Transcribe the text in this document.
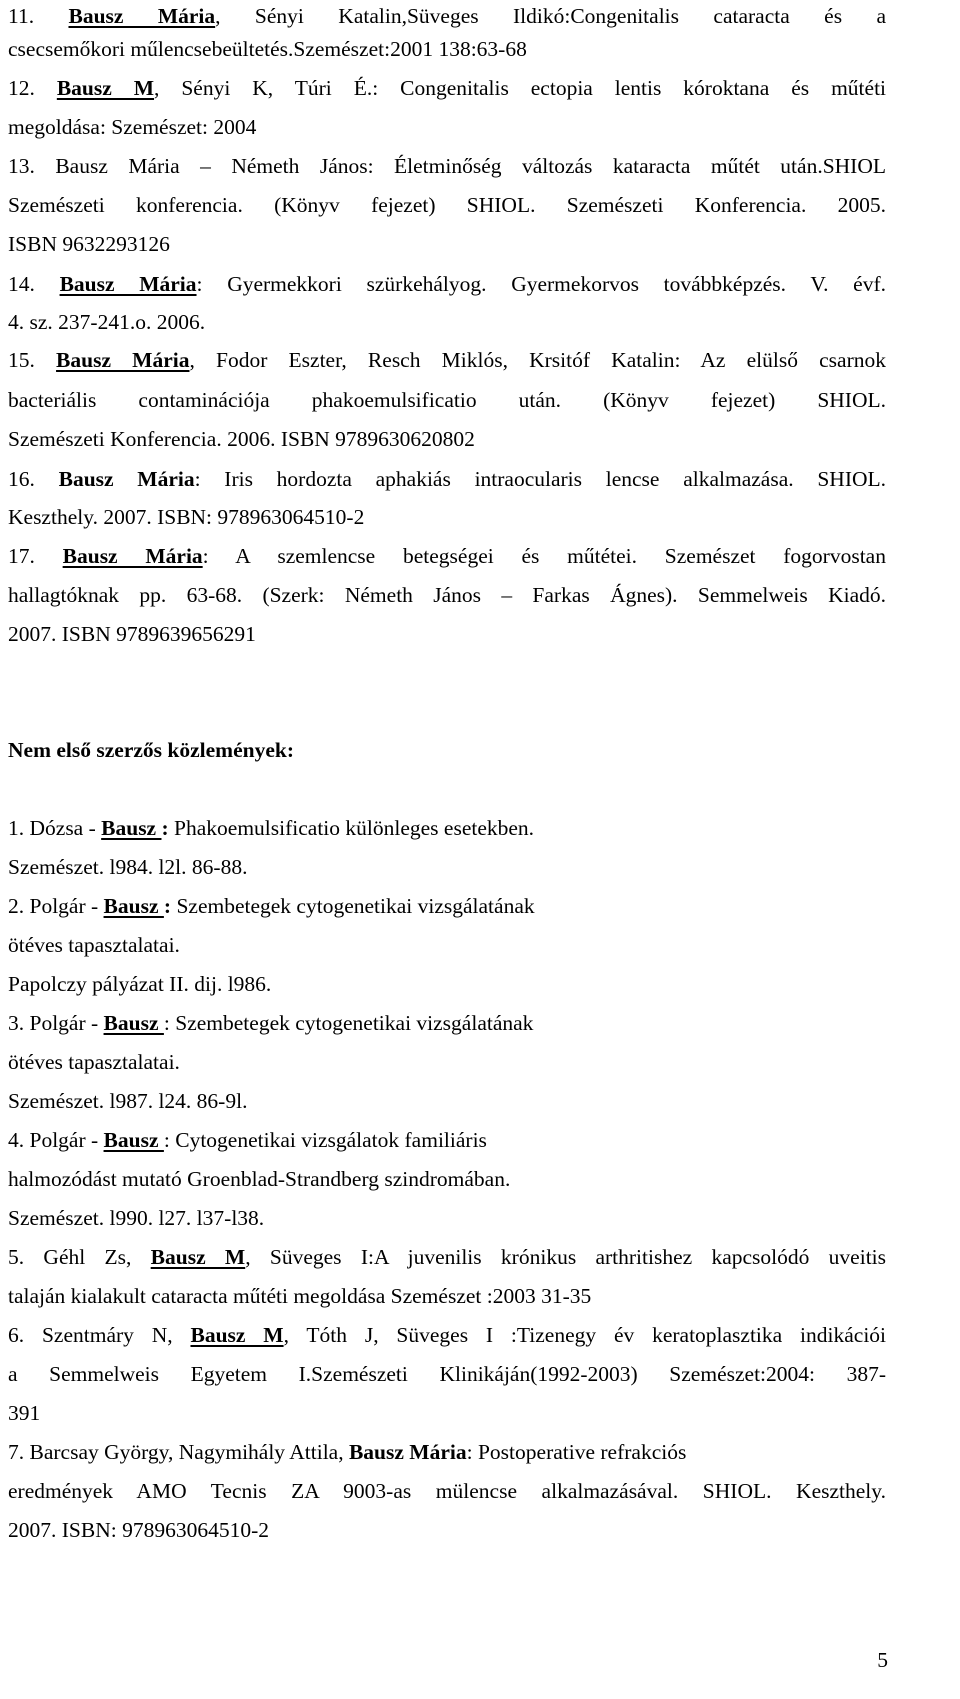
5
11. Bausz Mária, Sényi Katalin,Süveges Ildikó:Congenitalis cataracta és a
csecsemőkori műlencsebeültetés.Szemészet:2001 138:63-68
12. Bausz M, Sényi K, Túri É.: Congenitalis ectopia lentis kóroktana és műtéti
megoldása: Szemészet: 2004
13. Bausz Mária – Németh János: Életminőség változás kataracta műtét után.SHIOL
Szemészeti konferencia. (Könyv fejezet) SHIOL. Szemészeti Konferencia. 2005.
ISBN 9632293126
14. Bausz Mária: Gyermekkori szürkehályog. Gyermekorvos továbbképzés. V. évf.
4. sz. 237-241.o. 2006.
15. Bausz Mária, Fodor Eszter, Resch Miklós, Krsitóf Katalin: Az elülső csarnok
bacteriális contaminációja phakoemulsificatio után. (Könyv fejezet) SHIOL.
Szemészeti Konferencia. 2006. ISBN 9789630620802
16. Bausz Mária: Iris hordozta aphakiás intraocularis lencse alkalmazása. SHIOL.
Keszthely. 2007. ISBN: 978963064510-2
17. Bausz Mária: A szemlencse betegségei és műtétei. Szemészet fogorvostan
hallagtóknak pp. 63-68. (Szerk: Németh János – Farkas Ágnes). Semmelweis Kiadó.
2007. ISBN 9789639656291
Nem első szerzős közlemények:
1. Dózsa - Bausz : Phakoemulsificatio különleges esetekben.
Szemészet. l984. l2l. 86-88.
2. Polgár - Bausz : Szembetegek cytogenetikai vizsgálatának
ötéves tapasztalatai.
Papolczy pályázat II. dij. l986.
3. Polgár - Bausz : Szembetegek cytogenetikai vizsgálatának
ötéves tapasztalatai.
Szemészet. l987. l24. 86-9l.
4. Polgár - Bausz : Cytogenetikai vizsgálatok familiáris
halmozódást mutató Groenblad-Strandberg szindromában.
Szemészet. l990. l27. l37-l38.
5. Géhl Zs, Bausz M, Süveges I:A juvenilis krónikus arthritishez kapcsolódó uveitis
talaján kialakult cataracta műtéti megoldása Szemészet :2003 31-35
6. Szentmáry N, Bausz M, Tóth J, Süveges I :Tizenegy év keratoplasztika indikációi
a Semmelweis Egyetem I.Szemészeti Klinikáján(1992-2003) Szemészet:2004: 387-
391
7. Barcsay György, Nagymihály Attila, Bausz Mária: Postoperative refrakciós
eredmények AMO Tecnis ZA 9003-as mülencse alkalmazásával. SHIOL. Keszthely.
2007. ISBN: 978963064510-2
